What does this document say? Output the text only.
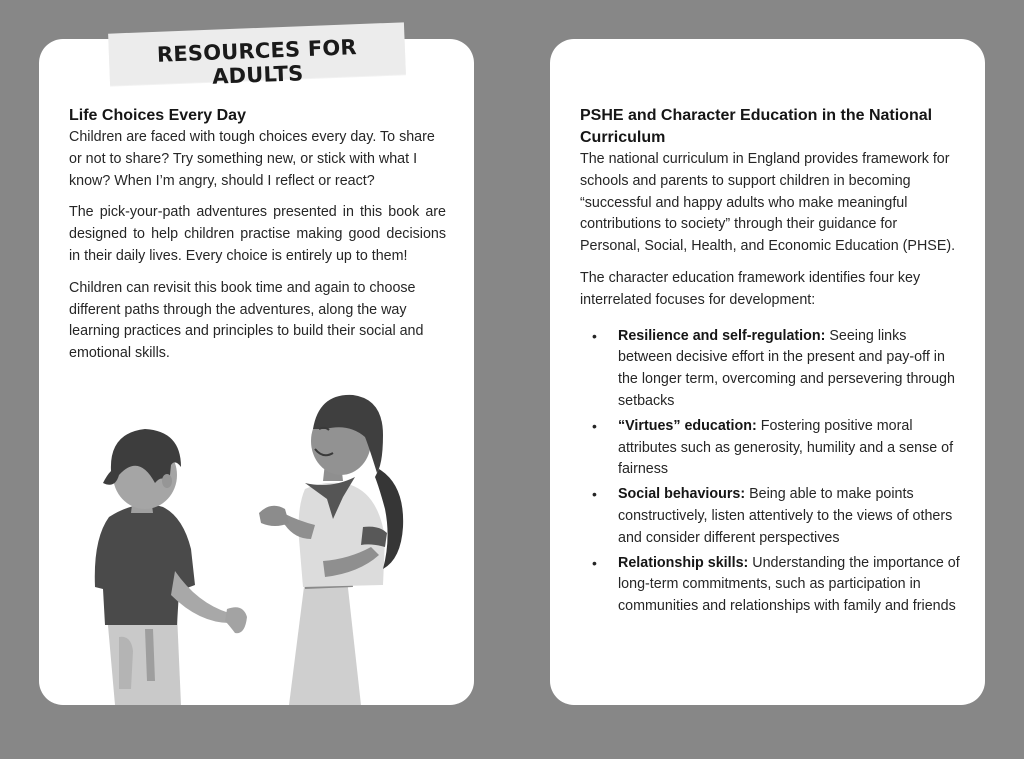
Life Choices Every Day

Children are faced with tough choices every day. To share or not to share? Try something new, or stick with what I know? When I’m angry, should I reflect or react?

The pick-your-path adventures presented in this book are designed to help children practise making good decisions in their daily lives. Every choice is entirely up to them!

Children can revisit this book time and again to choose different paths through the adventures, along the way learning practices and principles to build their social and emotional skills.

RESOURCES FOR ADULTS
PSHE and Character Education in the National Curriculum

The national curriculum in England provides framework for schools and parents to support children in becoming “successful and happy adults who make meaningful contributions to society” through their guidance for Personal, Social, Health, and Economic Education (PHSE).

The character education framework identifies four key interrelated focuses for development:

• Resilience and self-regulation: Seeing links between decisive effort in the present and pay-off in the longer term, overcoming and persevering through setbacks
• “Virtues” education: Fostering positive moral attributes such as generosity, humility and a sense of fairness
• Social behaviours: Being able to make points constructively, listen attentively to the views of others and consider different perspectives
• Relationship skills: Understanding the importance of long-term commitments, such as participation in communities and relationships with family and friends
